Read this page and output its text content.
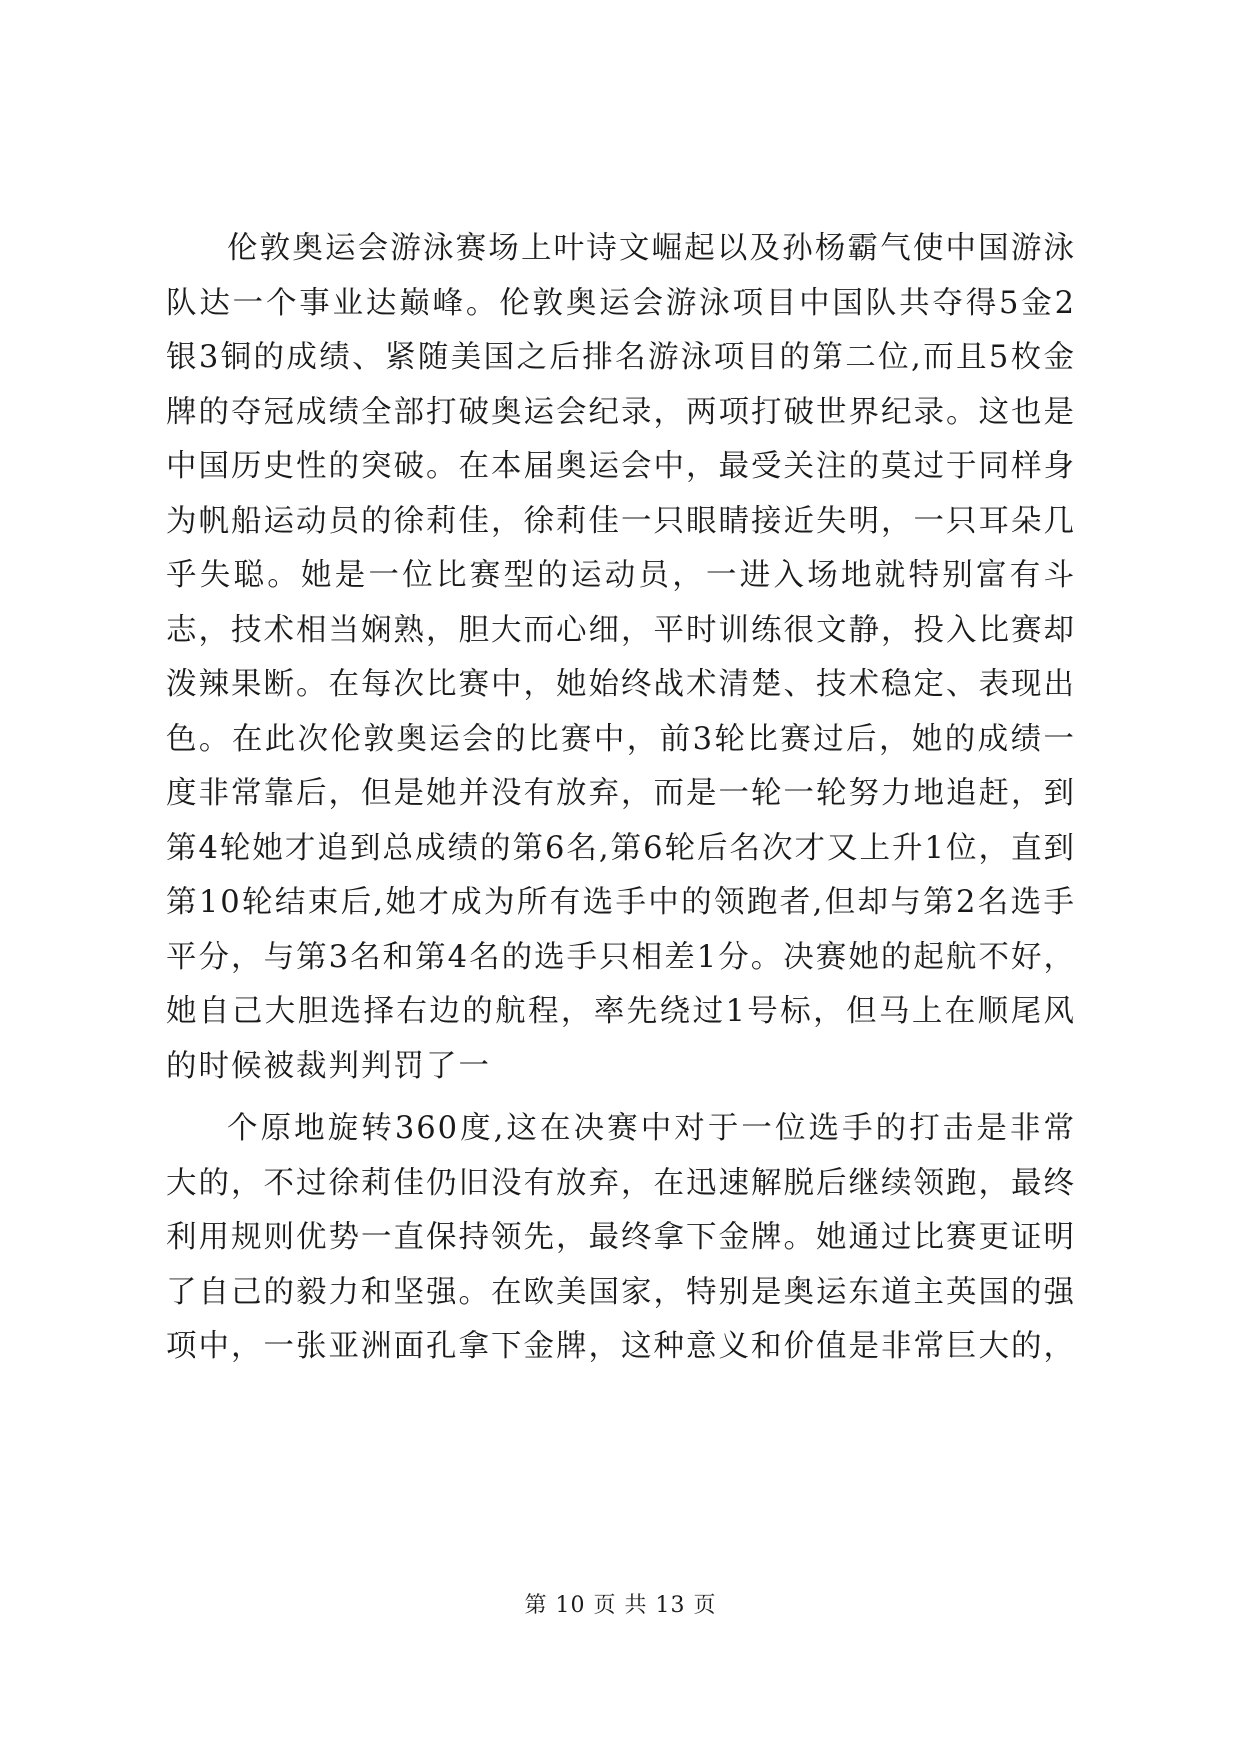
伦敦奥运会游泳赛场上叶诗文崛起以及孙杨霸气使中国游泳队达一个事业达巅峰。伦敦奥运会游泳项目中国队共夺得5金2银3铜的成绩、紧随美国之后排名游泳项目的第二位,而且5枚金牌的夺冠成绩全部打破奥运会纪录，两项打破世界纪录。这也是中国历史性的突破。在本届奥运会中，最受关注的莫过于同样身为帆船运动员的徐莉佳，徐莉佳一只眼睛接近失明，一只耳朵几乎失聪。她是一位比赛型的运动员，一进入场地就特别富有斗志，技术相当娴熟，胆大而心细，平时训练很文静，投入比赛却泼辣果断。在每次比赛中，她始终战术清楚、技术稳定、表现出色。在此次伦敦奥运会的比赛中，前3轮比赛过后，她的成绩一度非常靠后，但是她并没有放弃，而是一轮一轮努力地追赶，到第4轮她才追到总成绩的第6名,第6轮后名次才又上升1位，直到第10轮结束后,她才成为所有选手中的领跑者,但却与第2名选手平分，与第3名和第4名的选手只相差1分。决赛她的起航不好，她自己大胆选择右边的航程，率先绕过1号标，但马上在顺尾风的时候被裁判判罚了一

个原地旋转360度,这在决赛中对于一位选手的打击是非常大的，不过徐莉佳仍旧没有放弃，在迅速解脱后继续领跑，最终利用规则优势一直保持领先，最终拿下金牌。她通过比赛更证明了自己的毅力和坚强。在欧美国家，特别是奥运东道主英国的强项中，一张亚洲面孔拿下金牌，这种意义和价值是非常巨大的，

第 10 页 共 13 页
